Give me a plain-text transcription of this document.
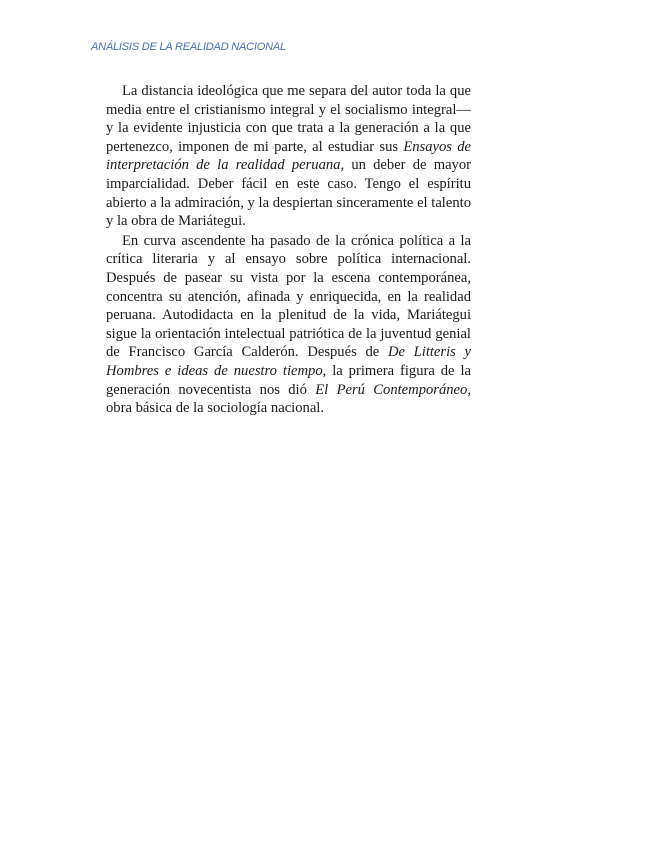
ANÁLISIS DE LA REALIDAD NACIONAL

La distancia ideológica que me separa del autor toda la que media entre el cristianismo integral y el socialismo integral—y la evidente injusticia con que trata a la generación a la que pertenezco, imponen de mi parte, al estudiar sus Ensayos de interpretación de la realidad peruana, un deber de mayor imparcialidad. Deber fácil en este caso. Tengo el espíritu abierto a la admiración, y la despiertan sinceramente el talento y la obra de Mariátegui.

En curva ascendente ha pasado de la crónica política a la crítica literaria y al ensayo sobre política internacional. Después de pasear su vista por la escena contemporánea, concentra su atención, afinada y enriquecida, en la realidad peruana. Autodidacta en la plenitud de la vida, Mariátegui sigue la orientación intelectual patriótica de la juventud genial de Francisco García Calderón. Después de De Litteris y Hombres e ideas de nuestro tiempo, la primera figura de la generación novecentista nos dió El Perú Contemporáneo, obra básica de la sociología nacional.
